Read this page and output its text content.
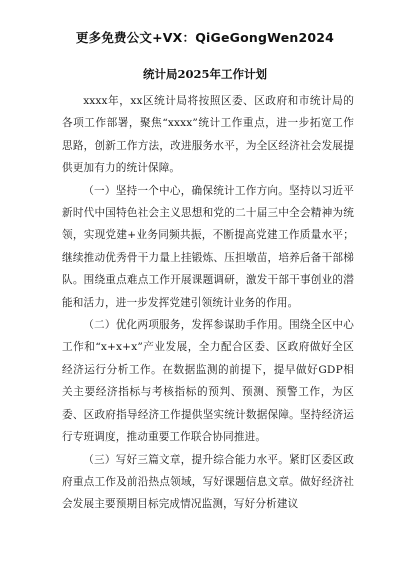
更多免费公文+VX：QiGeGongWen2024
统计局2025年工作计划

xxxx年，xx区统计局将按照区委、区政府和市统计局的各项工作部署，聚焦“xxxx”统计工作重点，进一步拓宽工作思路，创新工作方法，改进服务水平，为全区经济社会发展提供更加有力的统计保障。

（一）坚持一个中心，确保统计工作方向。坚持以习近平新时代中国特色社会主义思想和党的二十届三中全会精神为统领，实现党建+业务同频共振，不断提高党建工作质量水平；继续推动优秀骨干力量上挂锻炼、压担墩苗，培养后备干部梯队。围绕重点难点工作开展课题调研，激发干部干事创业的潜能和活力，进一步发挥党建引领统计业务的作用。

（二）优化两项服务，发挥参谋助手作用。围绕全区中心工作和“x+x+x”产业发展，全力配合区委、区政府做好全区经济运行分析工作。在数据监测的前提下，提早做好GDP相关主要经济指标与考核指标的预判、预测、预警工作，为区委、区政府指导经济工作提供坚实统计数据保障。坚持经济运行专班调度，推动重要工作联合协同推进。

（三）写好三篇文章，提升综合能力水平。紧盯区委区政府重点工作及前沿热点领域，写好课题信息文章。做好经济社会发展主要预期目标完成情况监测，写好分析建议
